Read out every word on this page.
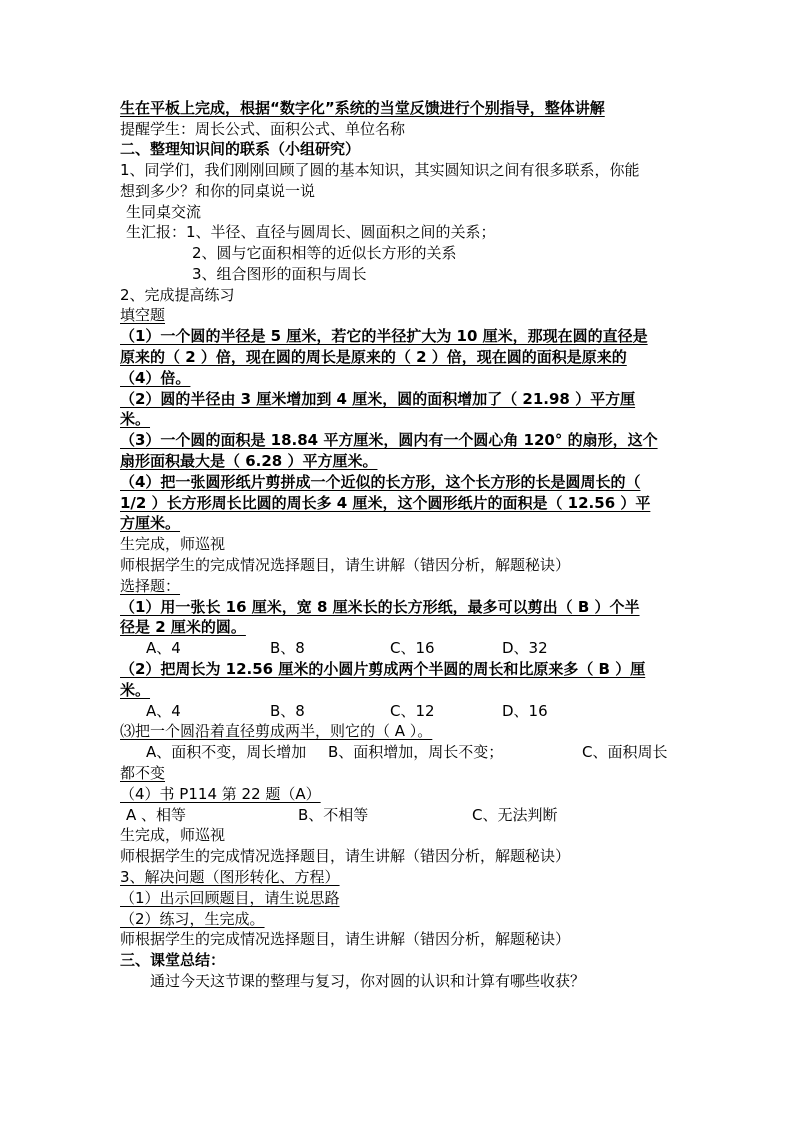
生在平板上完成，根据“数字化”系统的当堂反馈进行个别指导，整体讲解
提醒学生：周长公式、面积公式、单位名称
二、整理知识间的联系（小组研究）
1、同学们，我们刚刚回顾了圆的基本知识，其实圆知识之间有很多联系，你能
想到多少？和你的同桌说一说
生同桌交流
生汇报：1、半径、直径与圆周长、圆面积之间的关系；
2、圆与它面积相等的近似长方形的关系
3、组合图形的面积与周长
2、完成提高练习
填空题
（1）一个圆的半径是 5 厘米，若它的半径扩大为 10 厘米，那现在圆的直径是
原来的（ 2 ）倍，现在圆的周长是原来的（ 2 ）倍，现在圆的面积是原来的
（4）倍。
（2）圆的半径由 3 厘米增加到 4 厘米，圆的面积增加了（ 21.98 ）平方厘
米。
（3）一个圆的面积是 18.84 平方厘米，圆内有一个圆心角 120° 的扇形，这个
扇形面积最大是（ 6.28 ）平方厘米。
（4）把一张圆形纸片剪拼成一个近似的长方形，这个长方形的长是圆周长的（
1/2 ）长方形周长比圆的周长多 4 厘米，这个圆形纸片的面积是（ 12.56 ）平
方厘米。
生完成，师巡视
师根据学生的完成情况选择题目，请生讲解（错因分析，解题秘诀）
选择题：
（1）用一张长 16 厘米，宽 8 厘米长的长方形纸，最多可以剪出（ B ）个半
径是 2 厘米的圆。
A、4	B、8	C、16	D、32
（2）把周长为 12.56 厘米的小圆片剪成两个半圆的周长和比原来多（ B ）厘
米。
A、4	B、8	C、12	D、16
⑶把一个圆沿着直径剪成两半，则它的（ A ）。
A、面积不变，周长增加 B、面积增加，周长不变；	C、面积周长
都不变
（4）书 P114 第 22 题（A）
A 、相等	B、不相等	C、无法判断
生完成，师巡视
师根据学生的完成情况选择题目，请生讲解（错因分析，解题秘诀）
3、解决问题（图形转化、方程）
（1）出示回顾题目，请生说思路
（2）练习，生完成。
师根据学生的完成情况选择题目，请生讲解（错因分析，解题秘诀）
三、课堂总结：
通过今天这节课的整理与复习，你对圆的认识和计算有哪些收获？
